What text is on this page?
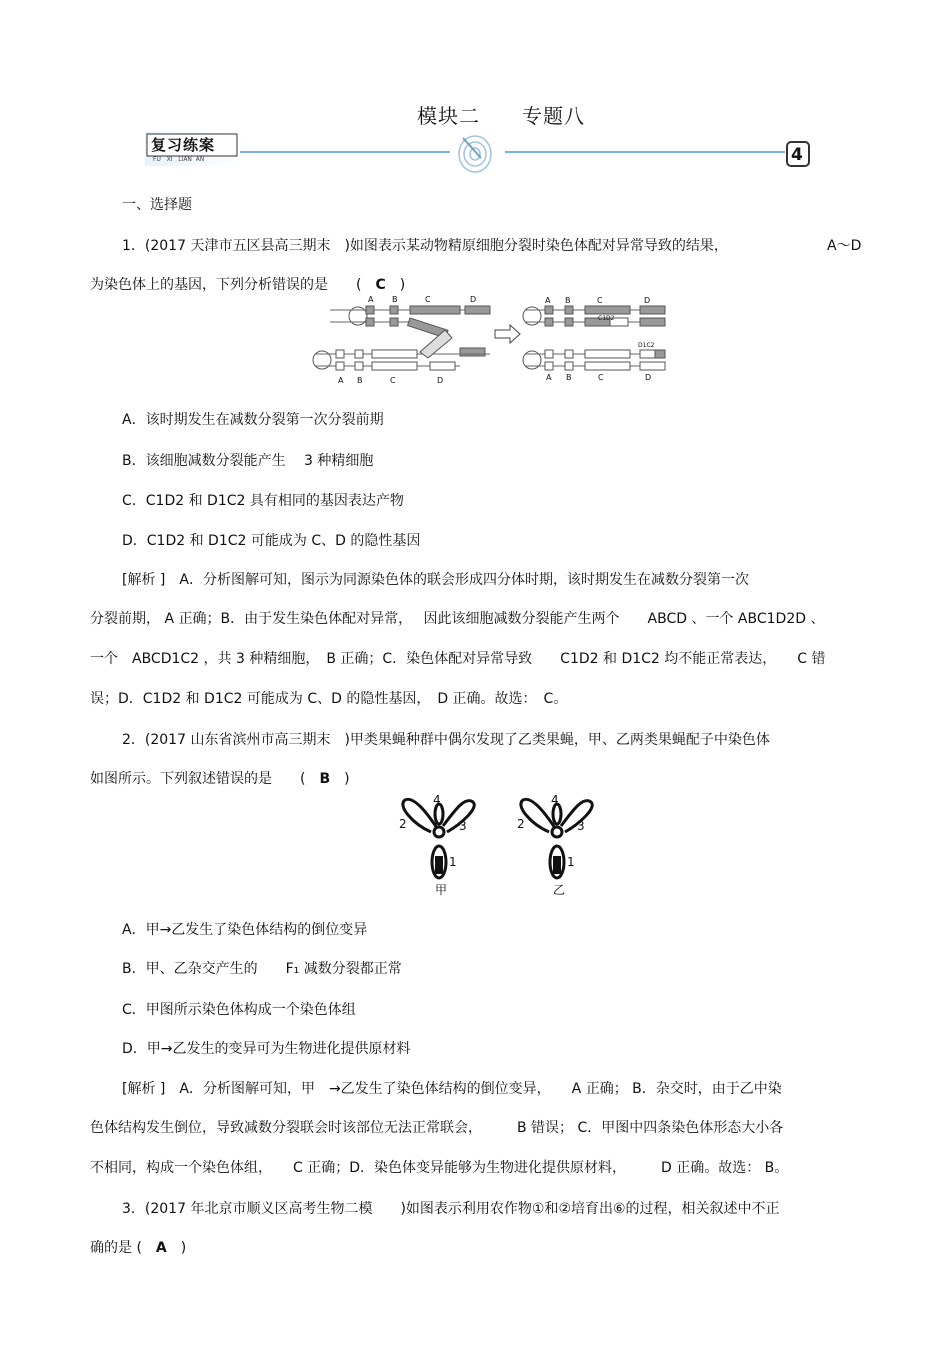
模块二　　专题八
复习练案
FU XI LIAN AN	4
一、选择题
1．(2017 天津市五区县高三期末　)如图表示某动物精原细胞分裂时染色体配对异常导致的结果，	A～D
为染色体上的基因，下列分析错误的是　　(　C　)
A B	C	D
A B	C	D
A B	C	D
C1D2
D1C2
A B	C	D
A．该时期发生在减数分裂第一次分裂前期
B．该细胞减数分裂能产生　 3 种精细胞
C．C1D2 和 D1C2 具有相同的基因表达产物
D．C1D2 和 D1C2 可能成为 C、D 的隐性基因
[解析 ]　A．分析图解可知，图示为同源染色体的联会形成四分体时期，该时期发生在减数分裂第一次
分裂前期， A 正确；B．由于发生染色体配对异常，　 因此该细胞减数分裂能产生两个　　ABCD 、一个 ABC1D2D 、
一个　ABCD1C2 ，共 3 种精细胞，　B 正确；C．染色体配对异常导致　　C1D2 和 D1C2 均不能正常表达，　　C 错
误；D．C1D2 和 D1C2 可能成为 C、D 的隐性基因，　D 正确。故选：　C。
2．(2017 山东省滨州市高三期末　)甲类果蝇种群中偶尔发现了乙类果蝇，甲、乙两类果蝇配子中染色体
如图所示。下列叙述错误的是　　(　B　)
2	3
4
1
2	3
4
1
甲	乙
A．甲→乙发生了染色体结构的倒位变异
B．甲、乙杂交产生的　　F₁ 减数分裂都正常
C．甲图所示染色体构成一个染色体组
D．甲→乙发生的变异可为生物进化提供原材料
[解析 ]　A．分析图解可知，甲　→乙发生了染色体结构的倒位变异，　　A 正确； B．杂交时，由于乙中染
色体结构发生倒位，导致减数分裂联会时该部位无法正常联会，　　　B 错误； C．甲图中四条染色体形态大小各
不相同，构成一个染色体组，　　C 正确；D．染色体变异能够为生物进化提供原材料，　　　D 正确。故选： B。
3．(2017 年北京市顺义区高考生物二模　　)如图表示利用农作物①和②培育出⑥的过程，相关叙述中不正
确的是 (　A　)
